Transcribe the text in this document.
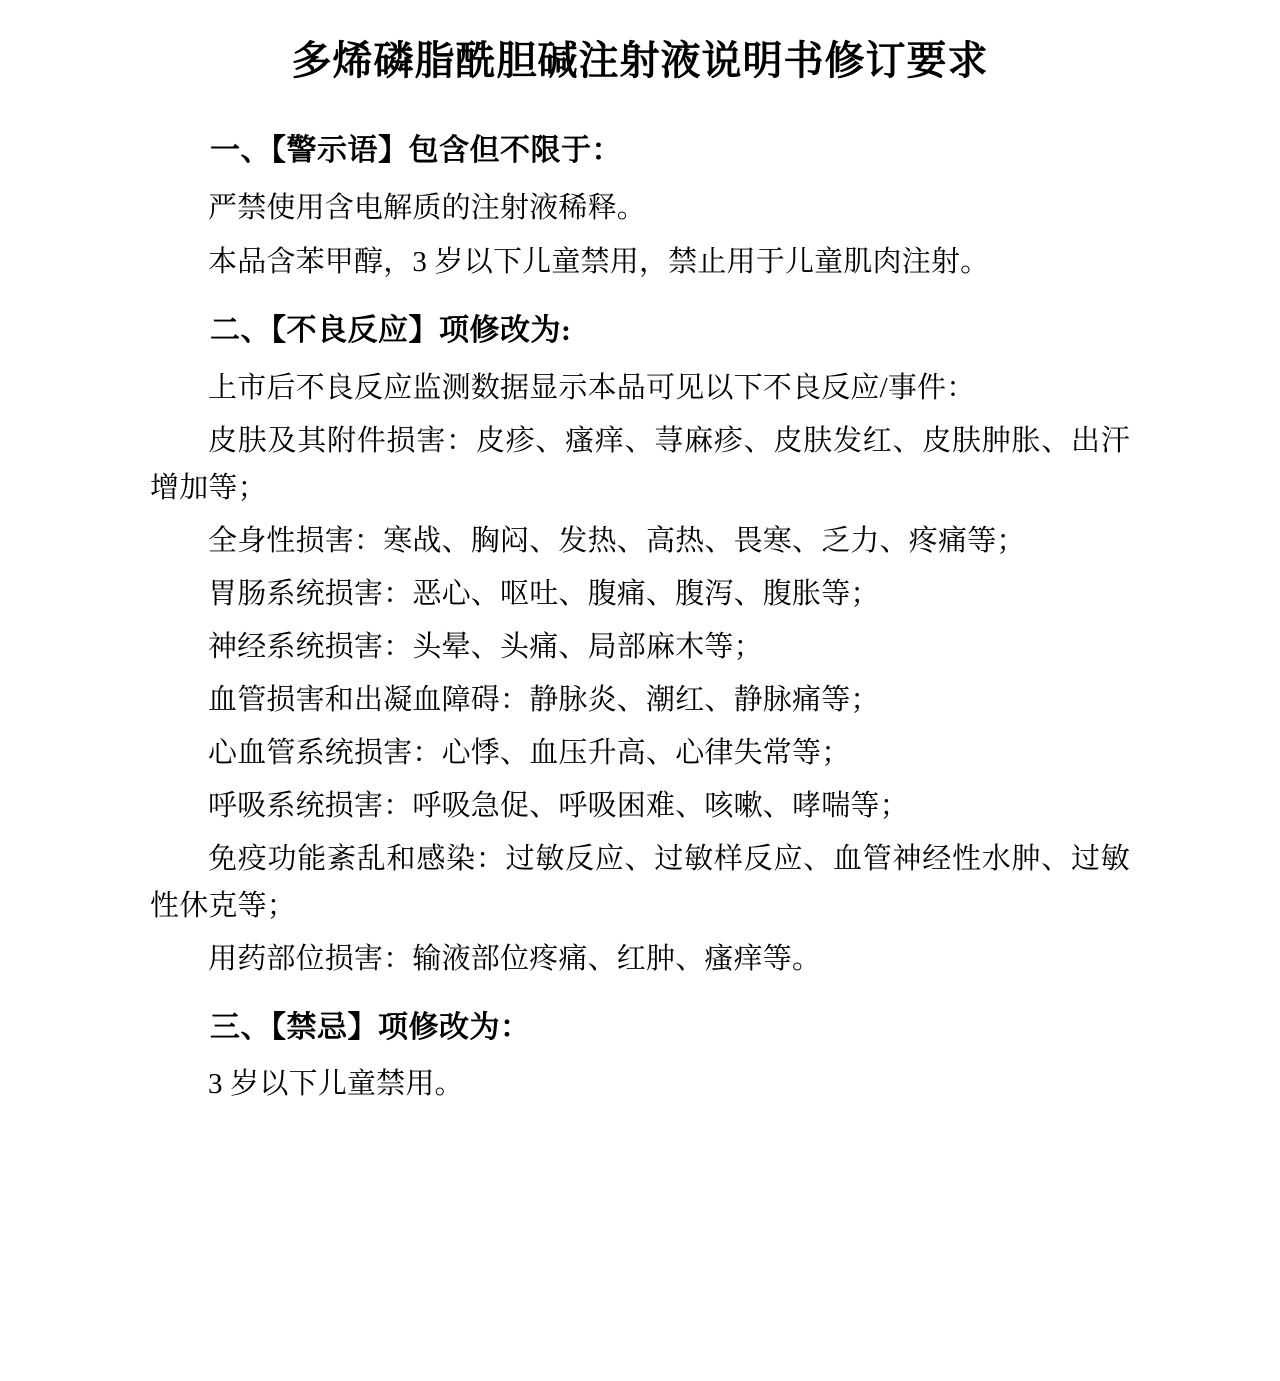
多烯磷脂酰胆碱注射液说明书修订要求
一、【警示语】包含但不限于：

严禁使用含电解质的注射液稀释。

本品含苯甲醇，3 岁以下儿童禁用，禁止用于儿童肌肉注射。

二、【不良反应】项修改为:

上市后不良反应监测数据显示本品可见以下不良反应/事件：

皮肤及其附件损害：皮疹、瘙痒、荨麻疹、皮肤发红、皮肤肿胀、出汗增加等；

全身性损害：寒战、胸闷、发热、高热、畏寒、乏力、疼痛等；

胃肠系统损害：恶心、呕吐、腹痛、腹泻、腹胀等；

神经系统损害：头晕、头痛、局部麻木等；

血管损害和出凝血障碍：静脉炎、潮红、静脉痛等；

心血管系统损害：心悸、血压升高、心律失常等；

呼吸系统损害：呼吸急促、呼吸困难、咳嗽、哮喘等；

免疫功能紊乱和感染：过敏反应、过敏样反应、血管神经性水肿、过敏性休克等；

用药部位损害：输液部位疼痛、红肿、瘙痒等。

三、【禁忌】项修改为：

3 岁以下儿童禁用。
